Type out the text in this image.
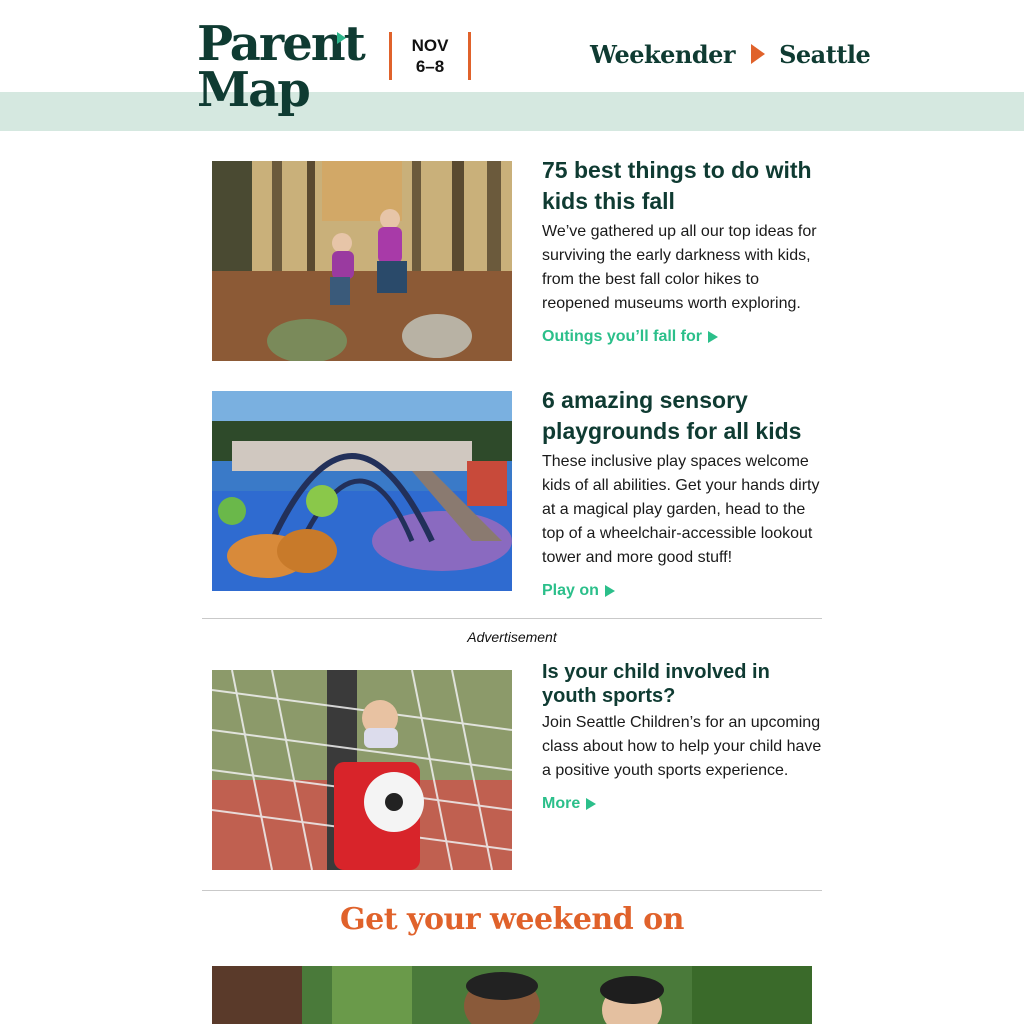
Parent
Map
NOV
6–8	Weekender Seattle
75 best things to do with kids this fall
We’ve gathered up all our top ideas for surviving the early darkness with kids, from the best fall color hikes to reopened museums worth exploring.
Outings you’ll fall for
6 amazing sensory playgrounds for all kids
These inclusive play spaces welcome kids of all abilities. Get your hands dirty at a magical play garden, head to the top of a wheelchair-accessible lookout tower and more good stuff!
Play on
Advertisement
Is your child involved in youth sports?
Join Seattle Children’s for an upcoming class about how to help your child have a positive youth sports experience.
More
Get your weekend on
